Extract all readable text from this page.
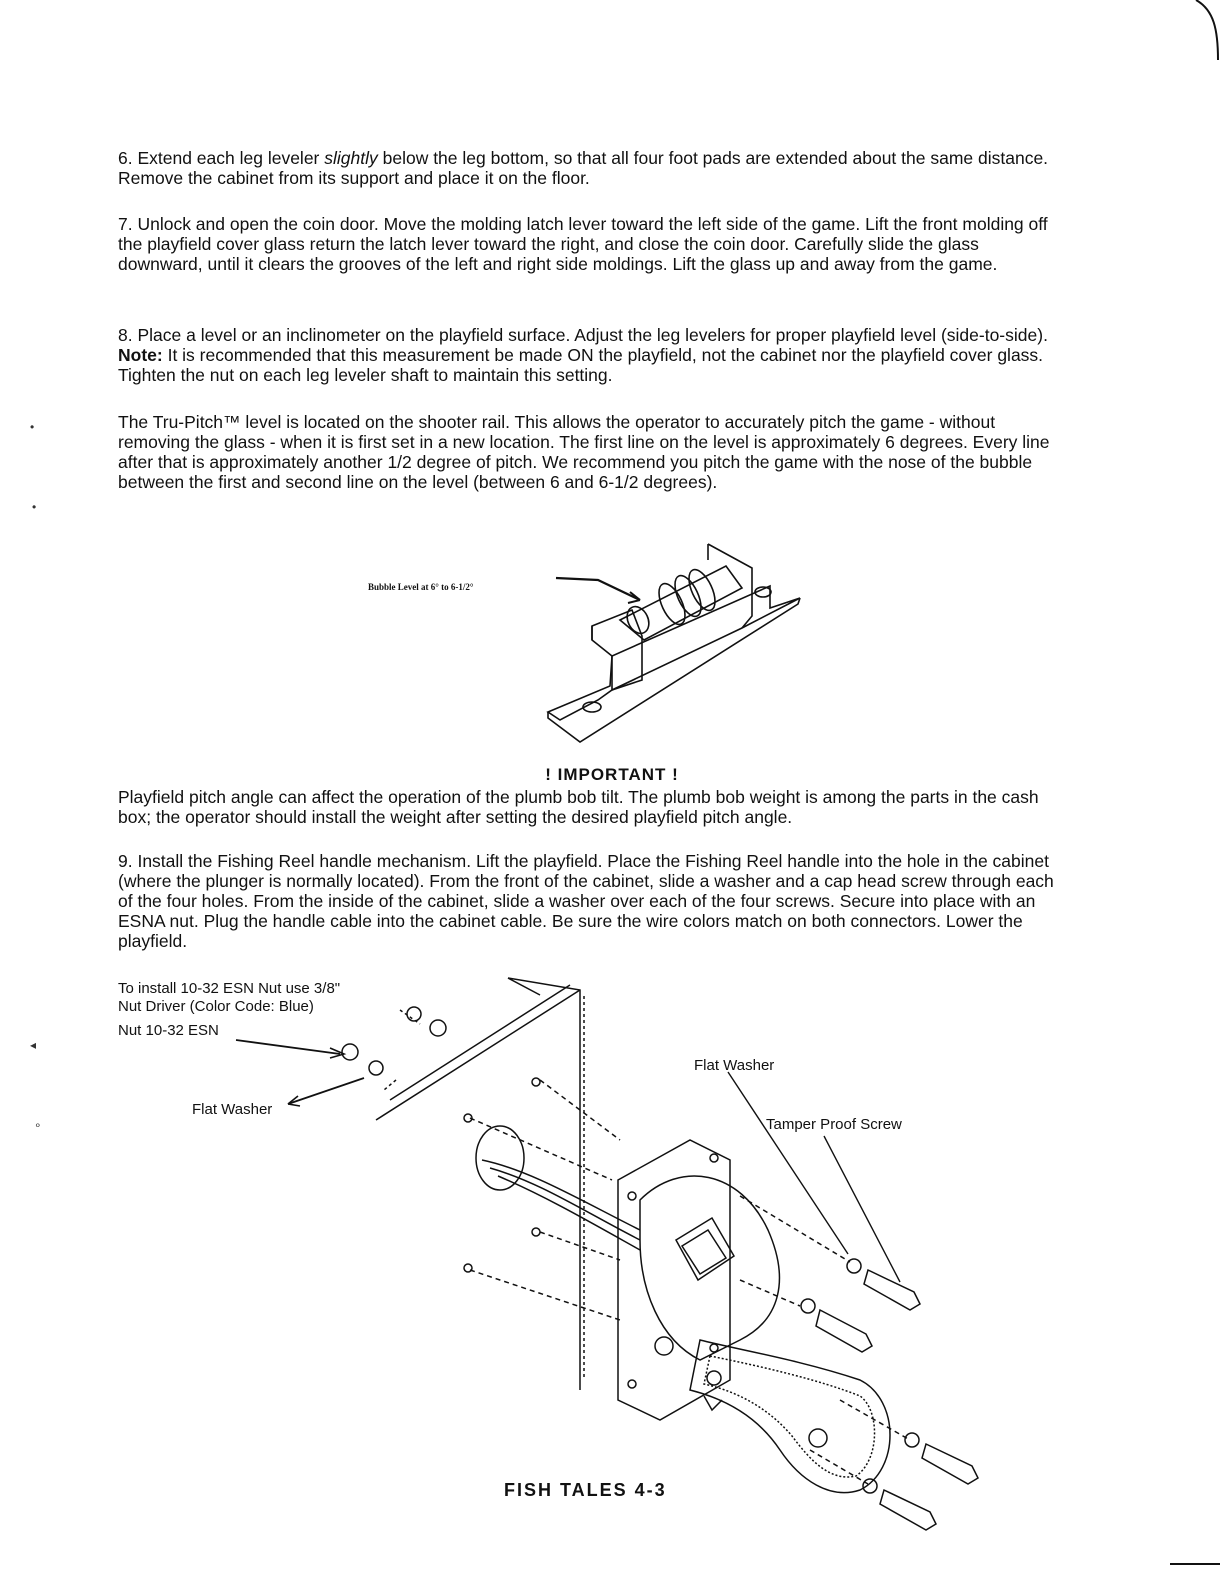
6. Extend each leg leveler slightly below the leg bottom, so that all four foot pads are extended about the same distance. Remove the cabinet from its support and place it on the floor.

7. Unlock and open the coin door. Move the molding latch lever toward the left side of the game. Lift the front molding off the playfield cover glass return the latch lever toward the right, and close the coin door. Carefully slide the glass downward, until it clears the grooves of the left and right side moldings. Lift the glass up and away from the game.

8. Place a level or an inclinometer on the playfield surface. Adjust the leg levelers for proper playfield level (side-to-side). Note: It is recommended that this measurement be made ON the playfield, not the cabinet nor the playfield cover glass. Tighten the nut on each leg leveler shaft to maintain this setting.

The Tru-Pitch™ level is located on the shooter rail. This allows the operator to accurately pitch the game - without removing the glass - when it is first set in a new location. The first line on the level is approximately 6 degrees. Every line after that is approximately another 1/2 degree of pitch. We recommend you pitch the game with the nose of the bubble between the first and second line on the level (between 6 and 6-1/2 degrees).

Bubble Level at 6° to 6-1/2°
! IMPORTANT !

Playfield pitch angle can affect the operation of the plumb bob tilt. The plumb bob weight is among the parts in the cash box; the operator should install the weight after setting the desired playfield pitch angle.

9. Install the Fishing Reel handle mechanism. Lift the playfield. Place the Fishing Reel handle into the hole in the cabinet (where the plunger is normally located). From the front of the cabinet, slide a washer and a cap head screw through each of the four holes. From the inside of the cabinet, slide a washer over each of the four screws. Secure into place with an ESNA nut. Plug the handle cable into the cabinet cable. Be sure the wire colors match on both connectors. Lower the playfield.

To install 10-32 ESN Nut use 3/8"
Nut Driver (Color Code: Blue)
Nut 10-32 ESN
Flat Washer
Flat Washer
Tamper Proof Screw
FISH TALES 4-3
•
•
◂
∘
